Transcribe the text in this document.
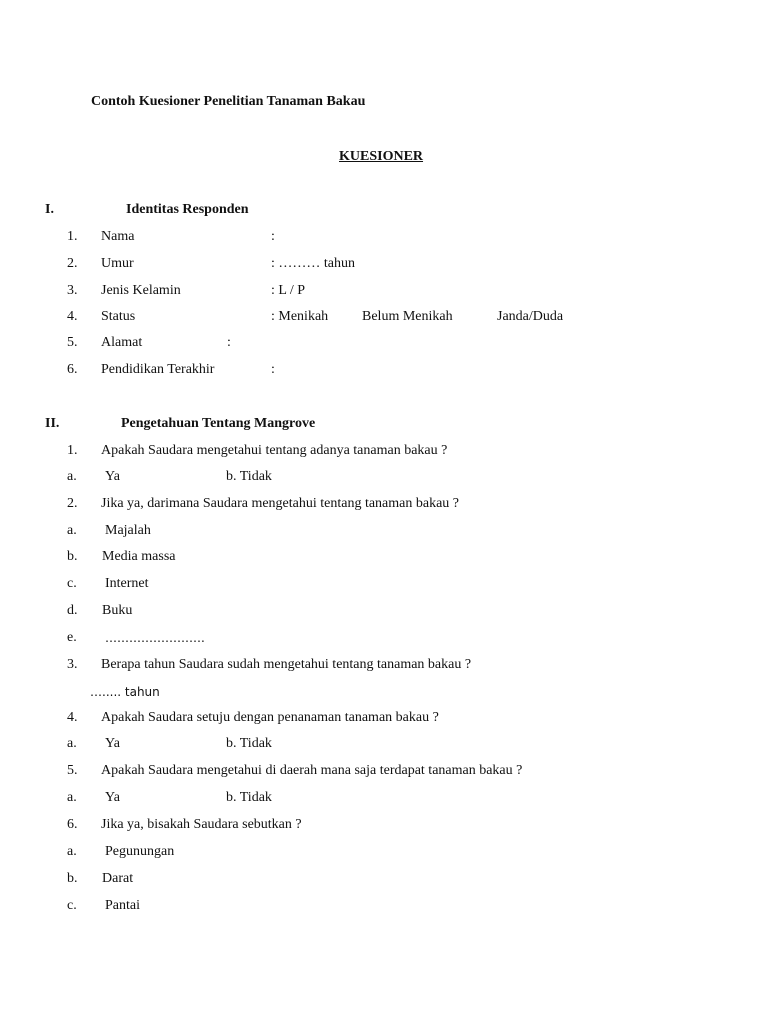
Contoh Kuesioner Penelitian Tanaman Bakau
KUESIONER
I.	Identitas Responden
1. Nama	:
2. Umur	: ……… tahun
3. Jenis Kelamin	: L / P
4. Status	: Menikah Belum Menikah	Janda/Duda
5. Alamat	:
6. Pendidikan Terakhir	:
II.	Pengetahuan Tentang Mangrove
1. Apakah Saudara mengetahui tentang adanya tanaman bakau ?
a. Ya	b. Tidak
2. Jika ya, darimana Saudara mengetahui tentang tanaman bakau ?
a. Majalah
b. Media massa
c. Internet
d. Buku
e. …………………….
3. Berapa tahun Saudara sudah mengetahui tentang tanaman bakau ?
…..... tahun
4. Apakah Saudara setuju dengan penanaman tanaman bakau ?
a. Ya	b. Tidak
5. Apakah Saudara mengetahui di daerah mana saja terdapat tanaman bakau ?
a. Ya	b. Tidak
6. Jika ya, bisakah Saudara sebutkan ?
a. Pegunungan
b. Darat
c. Pantai
